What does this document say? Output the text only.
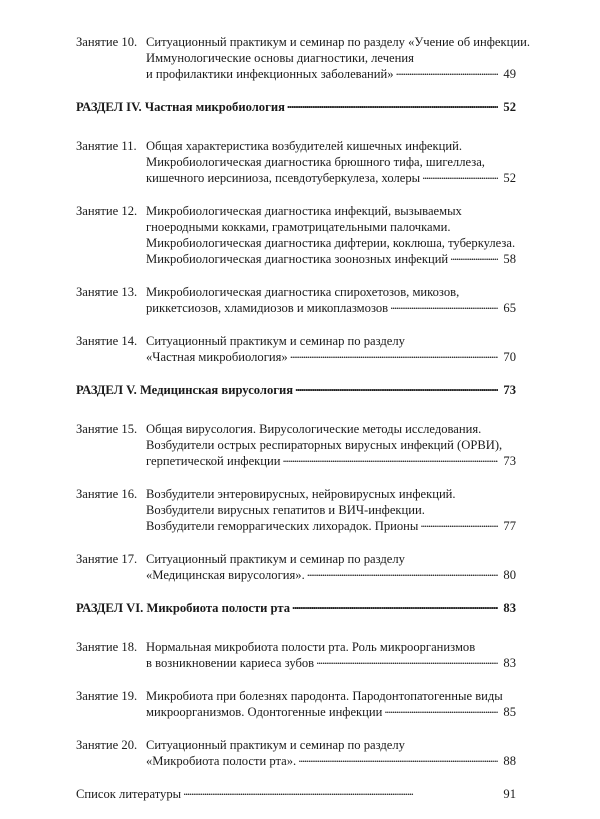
Занятие 10. Ситуационный практикум и семинар по разделу «Учение об инфекции.
Иммунологические основы диагностики, лечения
и профилактики инфекционных заболеваний» . . .	49
РАЗДЕЛ IV. Частная микробиология . . .	52
Занятие 11. Общая характеристика возбудителей кишечных инфекций.
Микробиологическая диагностика брюшного тифа, шигеллеза,
кишечного иерсиниоза, псевдотуберкулеза, холеры . . .	52
Занятие 12. Микробиологическая диагностика инфекций, вызываемых
гноеродными кокками, грамотрицательными палочками.
Микробиологическая диагностика дифтерии, коклюша, туберкулеза.
Микробиологическая диагностика зоонозных инфекций . . .	58
Занятие 13. Микробиологическая диагностика спирохетозов, микозов,
риккетсиозов, хламидиозов и микоплазмозов . . .	65
Занятие 14. Ситуационный практикум и семинар по разделу
«Частная микробиология» . . .	70
РАЗДЕЛ V. Медицинская вирусология . . .	73
Занятие 15. Общая вирусология. Вирусологические методы исследования.
Возбудители острых респираторных вирусных инфекций (ОРВИ),
герпетической инфекции . . .	73
Занятие 16. Возбудители энтеровирусных, нейровирусных инфекций.
Возбудители вирусных гепатитов и ВИЧ-инфекции.
Возбудители геморрагических лихорадок. Прионы . . .	77
Занятие 17. Ситуационный практикум и семинар по разделу
«Медицинская вирусология». . . .	80
РАЗДЕЛ VI. Микробиота полости рта . . .	83
Занятие 18. Нормальная микробиота полости рта. Роль микроорганизмов
в возникновении кариеса зубов . . .	83
Занятие 19. Микробиота при болезнях пародонта. Пародонтопатогенные виды
микроорганизмов. Одонтогенные инфекции . . .	85
Занятие 20. Ситуационный практикум и семинар по разделу
«Микробиота полости рта». . . .	88
Список литературы . . .	91
